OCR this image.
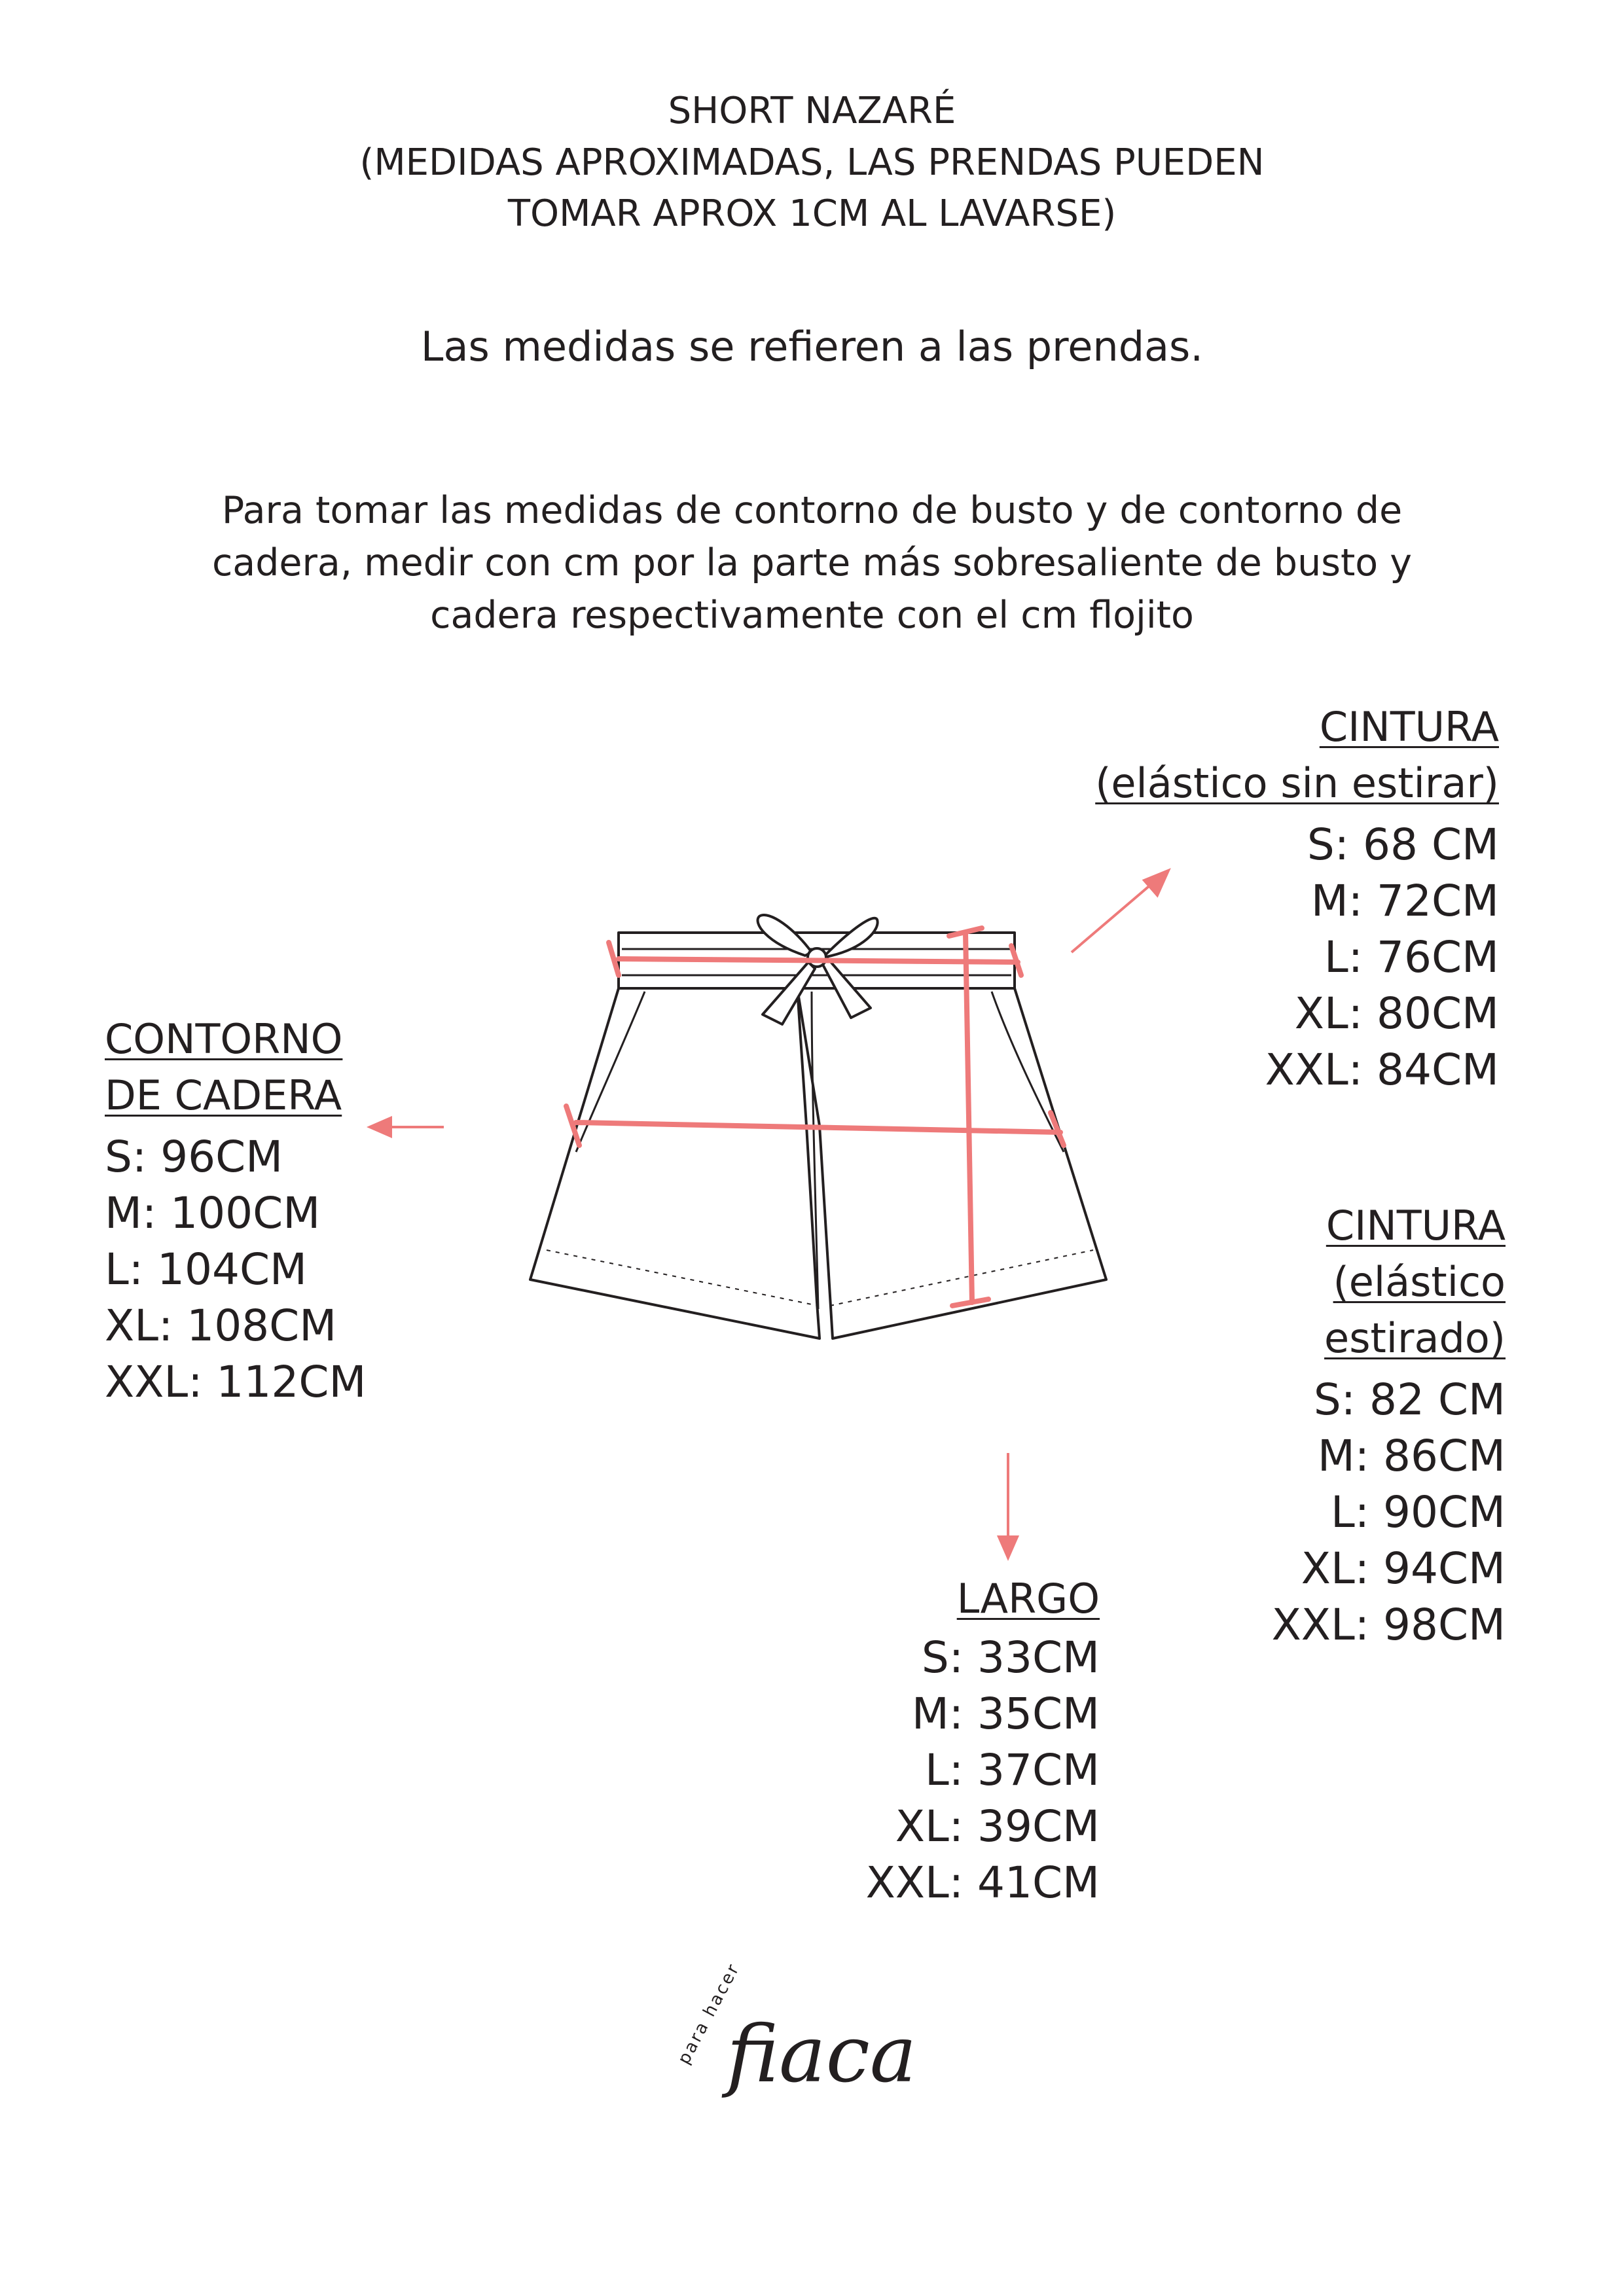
SHORT NAZARÉ
(MEDIDAS APROXIMADAS, LAS PRENDAS PUEDEN
TOMAR APROX 1CM AL LAVARSE)
Las medidas se refieren a las prendas.
Para tomar las medidas de contorno de busto y de contorno de
cadera, medir con cm por la parte más sobresaliente de busto y
cadera respectivamente con el cm flojito
CINTURA
(elástico sin estirar)
S: 68 CM
M: 72CM
L: 76CM
XL: 80CM
XXL: 84CM
CONTORNO
DE CADERA
S: 96CM
M: 100CM
L: 104CM
XL: 108CM
XXL: 112CM
CINTURA
(elástico
estirado)
S: 82 CM
M: 86CM
L: 90CM
XL: 94CM
XXL: 98CM
LARGO
S: 33CM
M: 35CM
L: 37CM
XL: 39CM
XXL: 41CM
fiaca
para hacer
